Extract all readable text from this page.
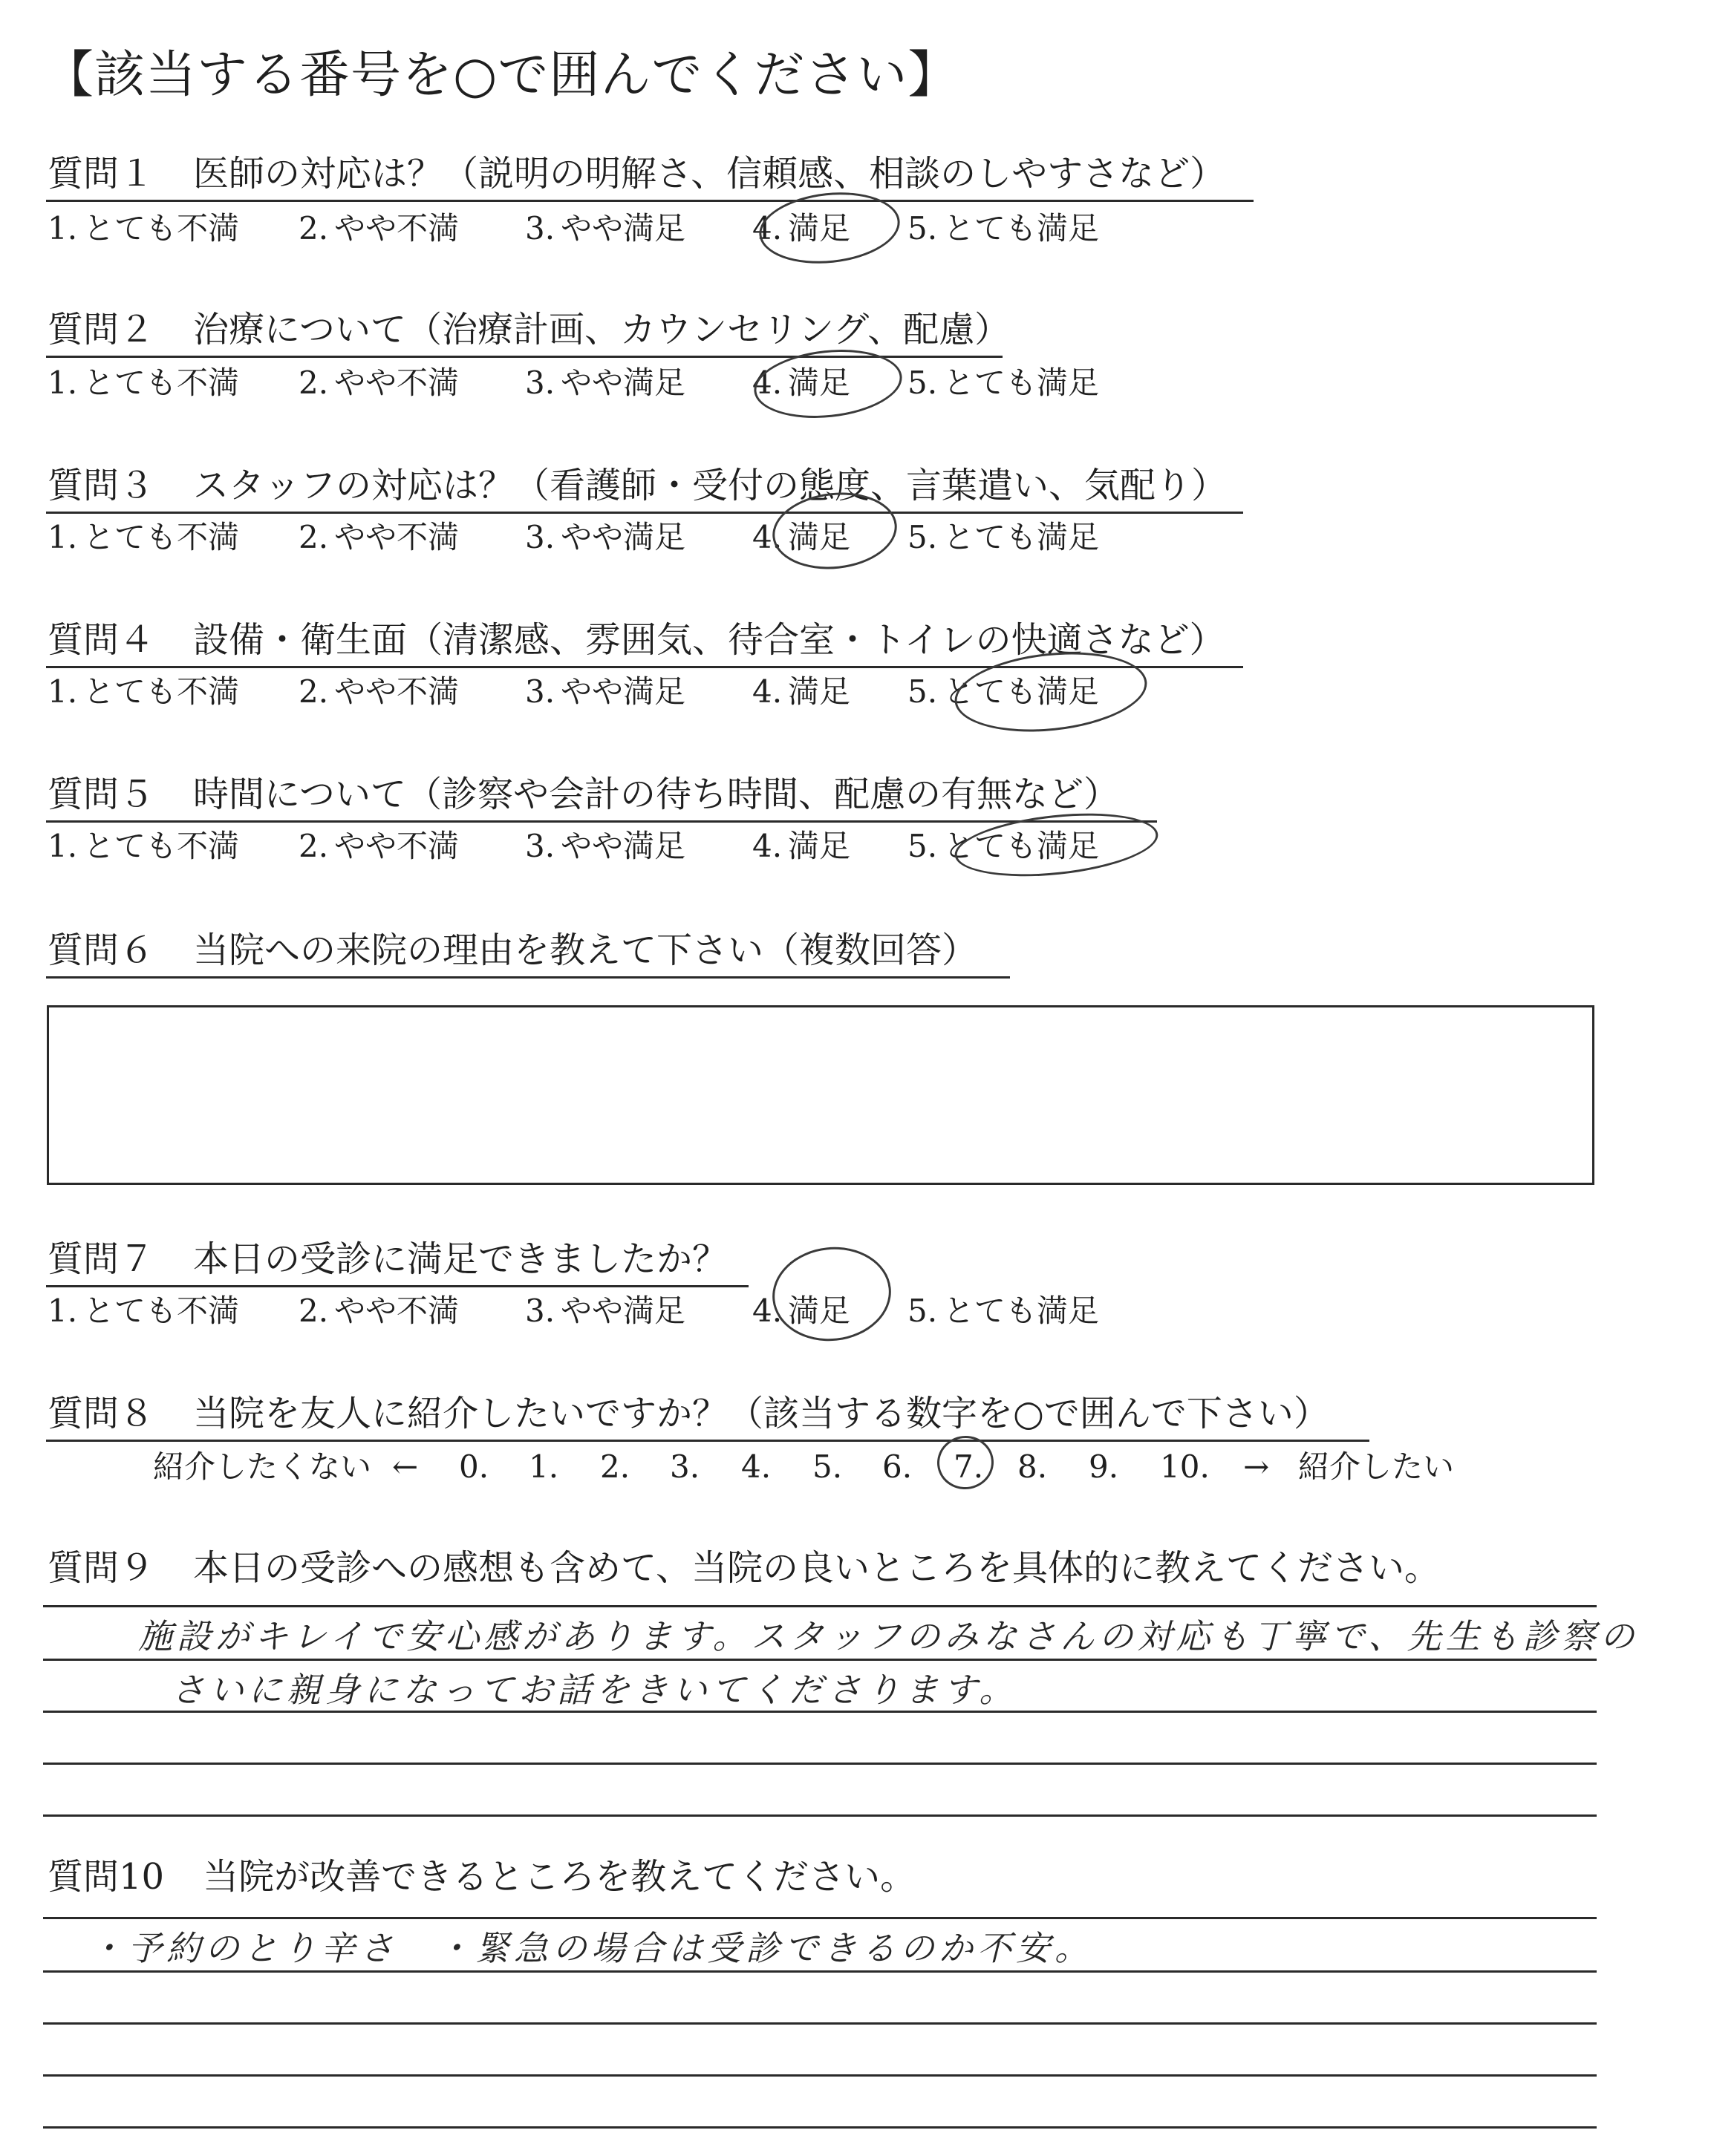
【該当する番号を○で囲んでください】
質問１ 医師の対応は？（説明の明解さ、信頼感、相談のしやすさなど）
1. とても不満 2. やや不満 3. やや満足 4. 満足 5. とても満足
質問２ 治療について（治療計画、カウンセリング、配慮）
1. とても不満 2. やや不満 3. やや満足 4. 満足 5. とても満足
質問３ スタッフの対応は？（看護師・受付の態度、言葉遣い、気配り）
1. とても不満 2. やや不満 3. やや満足 4. 満足 5. とても満足
質問４ 設備・衛生面（清潔感、雰囲気、待合室・トイレの快適さなど）
1. とても不満 2. やや不満 3. やや満足 4. 満足 5. とても満足
質問５ 時間について（診察や会計の待ち時間、配慮の有無など）
1. とても不満 2. やや不満 3. やや満足 4. 満足 5. とても満足
質問６ 当院への来院の理由を教えて下さい（複数回答）
質問７ 本日の受診に満足できましたか？
1. とても不満 2. やや不満 3. やや満足 4. 満足 5. とても満足
質問８ 当院を友人に紹介したいですか？（該当する数字を○で囲んで下さい）
紹介したくない ← 0. 1. 2. 3. 4. 5. 6. 7. 8. 9. 10. → 紹介したい
質問９ 本日の受診への感想も含めて、当院の良いところを具体的に教えてください。
施設がキレイで安心感があります。スタッフのみなさんの対応も丁寧で、先生も診察の
さいに親身になってお話をきいてくださります。
質問10 当院が改善できるところを教えてください。
・予約のとり辛さ　・緊急の場合は受診できるのか不安。
